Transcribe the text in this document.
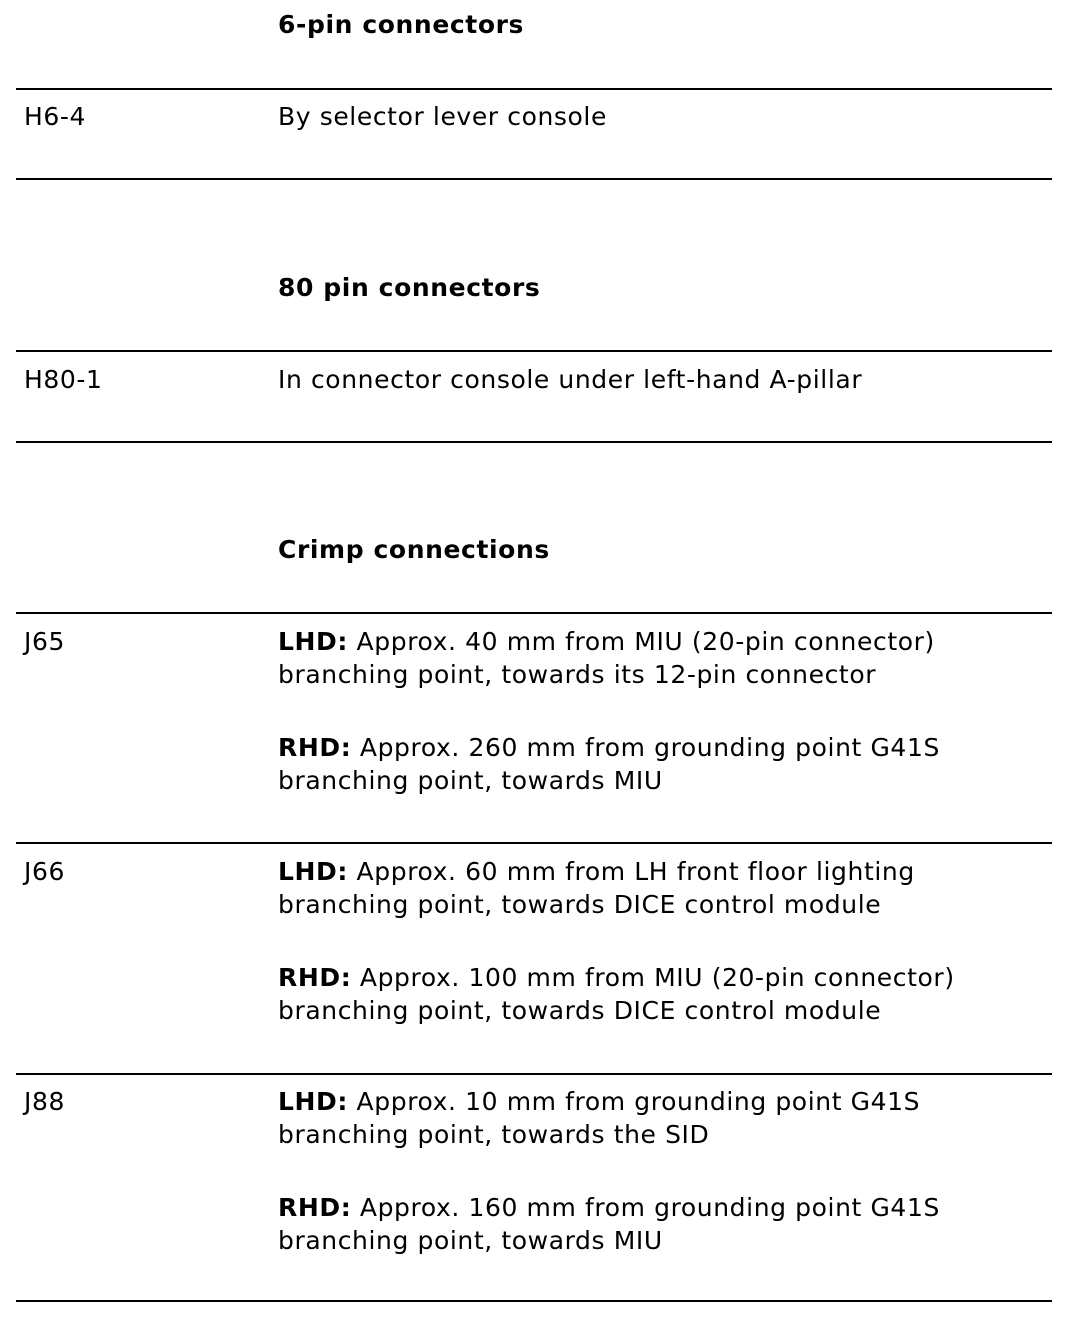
6-pin connectors
H6-4	By selector lever console
80 pin connectors
H80-1	In connector console under left-hand A-pillar
Crimp connections
J65	LHD: Approx. 40 mm from MIU (20-pin connector)
branching point, towards its 12-pin connector
RHD: Approx. 260 mm from grounding point G41S
branching point, towards MIU
J66	LHD: Approx. 60 mm from LH front floor lighting
branching point, towards DICE control module
RHD: Approx. 100 mm from MIU (20-pin connector)
branching point, towards DICE control module
J88	LHD: Approx. 10 mm from grounding point G41S
branching point, towards the SID
RHD: Approx. 160 mm from grounding point G41S
branching point, towards MIU
